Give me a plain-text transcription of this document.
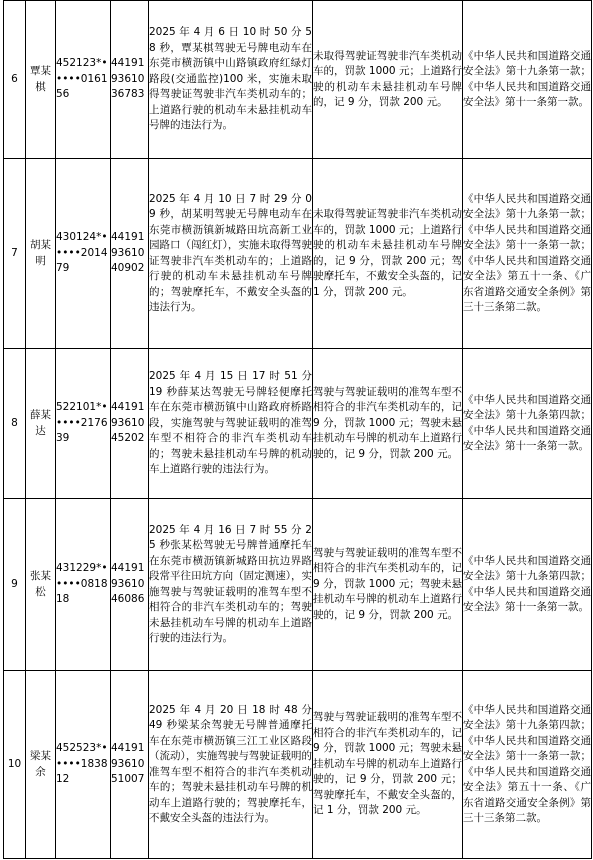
6	覃某棋	452123*•••••016156	441919361036783	2025 年 4 月 6 日 10 时 50 分 58 秒，覃某棋驾驶无号牌电动车在东莞市横沥镇中山路镇政府红绿灯路段(交通监控)100 米，实施未取得驾驶证驾驶非汽车类机动车的；上道路行驶的机动车未悬挂机动车号牌的违法行为。	未取得驾驶证驾驶非汽车类机动车的，罚款 1000 元；上道路行驶的机动车未悬挂机动车号牌的，记 9 分，罚款 200 元。	《中华人民共和国道路交通安全法》第十九条第一款；《中华人民共和国道路交通安全法》第十一条第一款。
7	胡某明	430124*•••••201479	441919361040902	2025 年 4 月 10 日 7 时 29 分 09 秒，胡某明驾驶无号牌电动车在东莞市横沥镇新城路田坑高新工业园路口（闯红灯），实施未取得驾驶证驾驶非汽车类机动车的；上道路行驶的机动车未悬挂机动车号牌的；驾驶摩托车，不戴安全头盔的违法行为。	未取得驾驶证驾驶非汽车类机动车的，罚款 1000 元；上道路行驶的机动车未悬挂机动车号牌的，记 9 分，罚款 200 元；驾驶摩托车，不戴安全头盔的，记 1 分，罚款 200 元。	《中华人民共和国道路交通安全法》第十九条第一款；《中华人民共和国道路交通安全法》第十一条第一款；《中华人民共和国道路交通安全法》第五十一条、《广东省道路交通安全条例》第三十三条第二款。
8	薛某达	522101*•••••217639	441919361045202	2025 年 4 月 15 日 17 时 51 分 19 秒薛某达驾驶无号牌轻便摩托车在东莞市横沥镇中山路政府桥路段，实施驾驶与驾驶证载明的准驾车型不相符合的非汽车类机动车的；驾驶未悬挂机动车号牌的机动车上道路行驶的违法行为。	驾驶与驾驶证载明的准驾车型不相符合的非汽车类机动车的，记 9 分，罚款 1000 元；驾驶未悬挂机动车号牌的机动车上道路行驶的，记 9 分，罚款 200 元。	《中华人民共和国道路交通安全法》第十九条第四款；《中华人民共和国道路交通安全法》第十一条第一款。
9	张某松	431229*•••••081818	441919361046086	2025 年 4 月 16 日 7 时 55 分 25 秒张某松驾驶无号牌普通摩托车在东莞市横沥镇新城路田抗边界路段常平往田坑方向（固定测速），实施驾驶与驾驶证载明的准驾车型不相符合的非汽车类机动车的；驾驶未悬挂机动车号牌的机动车上道路行驶的违法行为。	驾驶与驾驶证载明的准驾车型不相符合的非汽车类机动车的，记 9 分，罚款 1000 元；驾驶未悬挂机动车号牌的机动车上道路行驶的，记 9 分，罚款 200 元。	《中华人民共和国道路交通安全法》第十九条第四款；《中华人民共和国道路交通安全法》第十一条第一款。
10	梁某余	452523*•••••183812	441919361051007	2025 年 4 月 20 日 18 时 48 分 49 秒梁某余驾驶无号牌普通摩托车在东莞市横沥镇三江工业区路段（流动），实施驾驶与驾驶证载明的准驾车型不相符合的非汽车类机动车的；驾驶未悬挂机动车号牌的机动车上道路行驶的；驾驶摩托车，不戴安全头盔的违法行为。	驾驶与驾驶证载明的准驾车型不相符合的非汽车类机动车的，记 9 分，罚款 1000 元；驾驶未悬挂机动车号牌的机动车上道路行驶的，记 9 分，罚款 200 元；驾驶摩托车，不戴安全头盔的，记 1 分，罚款 200 元。	《中华人民共和国道路交通安全法》第十九条第四款；《中华人民共和国道路交通安全法》第十一条第一款；《中华人民共和国道路交通安全法》第五十一条、《广东省道路交通安全条例》第三十三条第二款。
